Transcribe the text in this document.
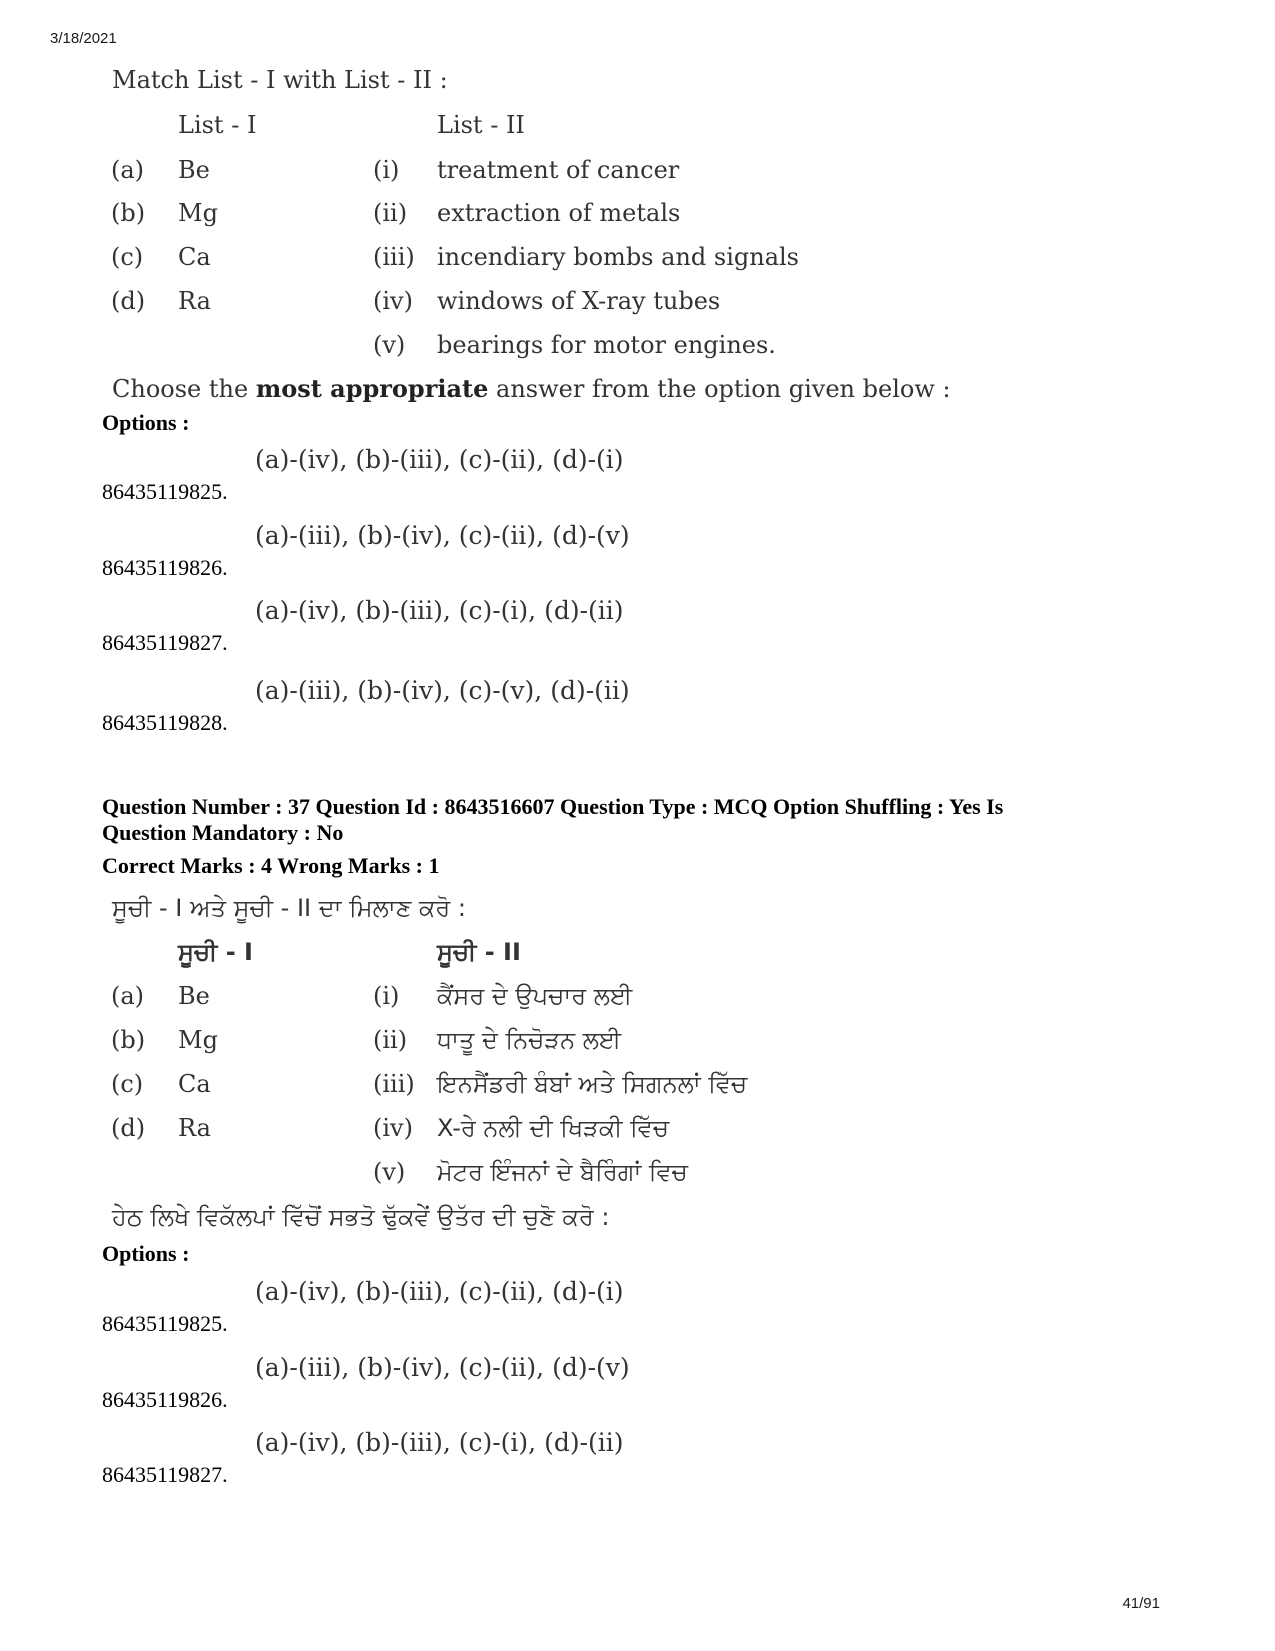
3/18/2021
Match List - I with List - II :
List - I	List - II
(a) Be	(i) treatment of cancer
(b) Mg	(ii) extraction of metals
(c) Ca	(iii) incendiary bombs and signals
(d) Ra	(iv) windows of X-ray tubes
(v) bearings for motor engines.
Choose the most appropriate answer from the option given below :
Options :
86435119825.
(a)-(iv), (b)-(iii), (c)-(ii), (d)-(i)
86435119826.
(a)-(iii), (b)-(iv), (c)-(ii), (d)-(v)
86435119827.
(a)-(iv), (b)-(iii), (c)-(i), (d)-(ii)
86435119828.
(a)-(iii), (b)-(iv), (c)-(v), (d)-(ii)
Question Number : 37 Question Id : 8643516607 Question Type : MCQ Option Shuffling : Yes Is
Question Mandatory : No
Correct Marks : 4 Wrong Marks : 1
ਸੂਚੀ - I ਅਤੇ ਸੂਚੀ - II ਦਾ ਮਿਲਾਣ ਕਰੋ :
ਸੂਚੀ - I	ਸੂਚੀ - II
(a) Be	(i) ਕੈਂਸਰ ਦੇ ਉਪਚਾਰ ਲਈ
(b) Mg	(ii) ਧਾਤੂ ਦੇ ਨਿਚੋੜਨ ਲਈ
(c) Ca	(iii) ਇਨਸੈਂਡਰੀ ਬੰਬਾਂ ਅਤੇ ਸਿਗਨਲਾਂ ਵਿੱਚ
(d) Ra	(iv) X-ਰੇ ਨਲੀ ਦੀ ਖਿੜਕੀ ਵਿੱਚ
(v) ਮੋਟਰ ਇੰਜਨਾਂ ਦੇ ਬੈਰਿੰਗਾਂ ਵਿਚ
ਹੇਠ ਲਿਖੇ ਵਿਕੱਲਪਾਂ ਵਿੱਚੋਂ ਸਭਤੋ ਢੁੱਕਵੇਂ ਉਤੱਰ ਦੀ ਚੁਣੋ ਕਰੋ :
Options :
86435119825.
(a)-(iv), (b)-(iii), (c)-(ii), (d)-(i)
86435119826.
(a)-(iii), (b)-(iv), (c)-(ii), (d)-(v)
86435119827.
(a)-(iv), (b)-(iii), (c)-(i), (d)-(ii)
41/91
